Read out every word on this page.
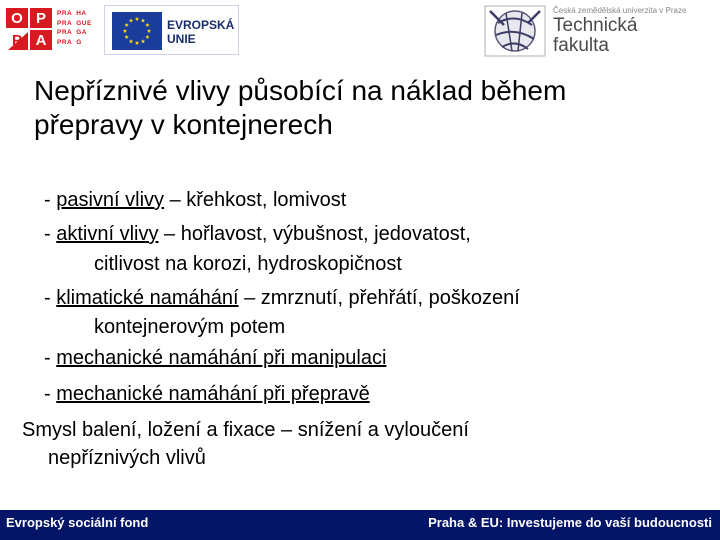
O P
P A
PRA HA
PRA GUE
PRA GA
PRA G
EVROPSKÁ
UNIE
Česká zemědělská univerzita v Praze
Technická
fakulta
Nepříznivé vlivy působící na náklad během
přepravy v kontejnerech
- pasivní vlivy – křehkost, lomivost
- aktivní vlivy – hořlavost, výbušnost, jedovatost,
citlivost na korozi, hydroskopičnost
- klimatické namáhání – zmrznutí, přehřátí, poškození
kontejnerovým potem
- mechanické namáhání při manipulaci
- mechanické namáhání při přepravě
Smysl balení, ložení a fixace – snížení a vyloučení
nepříznivých vlivů
Evropský sociální fond	Praha & EU: Investujeme do vaší budoucnosti
